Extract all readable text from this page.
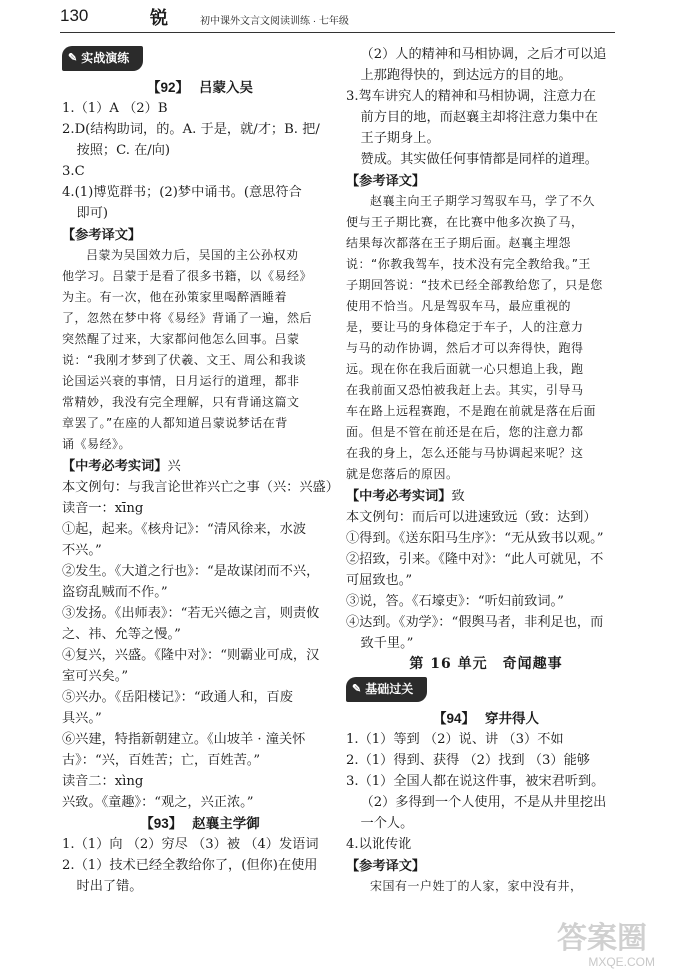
130	锐	初中课外文言文阅读训练 · 七年级
✎ 实战演练

【92】 吕蒙入吴

1.（1）A （2）B

2.D(结构助词，的。A. 于是，就/才；B. 把/

按照；C. 在/向)

3.C

4.(1)博览群书；(2)梦中诵书。(意思符合

即可)

【参考译文】

吕蒙为吴国效力后，吴国的主公孙权劝

他学习。吕蒙于是看了很多书籍，以《易经》

为主。有一次，他在孙策家里喝醉酒睡着

了，忽然在梦中将《易经》背诵了一遍，然后

突然醒了过来，大家都问他怎么回事。吕蒙

说：“我刚才梦到了伏羲、文王、周公和我谈

论国运兴衰的事情，日月运行的道理，都非

常精妙，我没有完全理解，只有背诵这篇文

章罢了。”在座的人都知道吕蒙说梦话在背

诵《易经》。

【中考必考实词】兴

本文例句：与我言论世祚兴亡之事（兴：兴盛）

读音一：xīng

①起，起来。《核舟记》：“清风徐来，水波

不兴。”

②发生。《大道之行也》：“是故谋闭而不兴，

盗窃乱贼而不作。”

③发扬。《出师表》：“若无兴德之言，则责攸

之、祎、允等之慢。”

④复兴，兴盛。《隆中对》：“则霸业可成，汉

室可兴矣。”

⑤兴办。《岳阳楼记》：“政通人和，百废

具兴。”

⑥兴建，特指新朝建立。《山坡羊 · 潼关怀

古》：“兴，百姓苦；亡，百姓苦。”

读音二：xìng

兴致。《童趣》：“观之，兴正浓。”

【93】 赵襄主学御

1.（1）向 （2）穷尽 （3）被 （4）发语词

2.（1）技术已经全教给你了，(但你)在使用

时出了错。

（2）人的精神和马相协调，之后才可以追

上那跑得快的，到达远方的目的地。

3.驾车讲究人的精神和马相协调，注意力在

前方目的地，而赵襄主却将注意力集中在

王子期身上。

赞成。其实做任何事情都是同样的道理。

【参考译文】

赵襄主向王子期学习驾驭车马，学了不久

便与王子期比赛，在比赛中他多次换了马，

结果每次都落在王子期后面。赵襄主埋怨

说：“你教我驾车，技术没有完全教给我。”王

子期回答说：“技术已经全部教给您了，只是您

使用不恰当。凡是驾驭车马，最应重视的

是，要让马的身体稳定于车子，人的注意力

与马的动作协调，然后才可以奔得快，跑得

远。现在你在我后面就一心只想追上我，跑

在我前面又恐怕被我赶上去。其实，引导马

车在路上远程赛跑，不是跑在前就是落在后面

面。但是不管在前还是在后，您的注意力都

在我的身上，怎么还能与马协调起来呢？这

就是您落后的原因。

【中考必考实词】致

本文例句：而后可以进速致远（致：达到）

①得到。《送东阳马生序》：“无从致书以观。”

②招致，引来。《隆中对》：“此人可就见，不

可屈致也。”

③说，答。《石壕吏》：“听妇前致词。”

④达到。《劝学》：“假舆马者，非利足也，而

致千里。”

第 16 单元　奇闻趣事

✎ 基础过关

【94】 穿井得人

1.（1）等到 （2）说、讲 （3）不如

2.（1）得到、获得 （2）找到 （3）能够

3.（1）全国人都在说这件事，被宋君听到。

（2）多得到一个人使用，不是从井里挖出

一个人。

4.以讹传讹

【参考译文】

宋国有一户姓丁的人家，家中没有井，

答案圈
MXQE.COM
